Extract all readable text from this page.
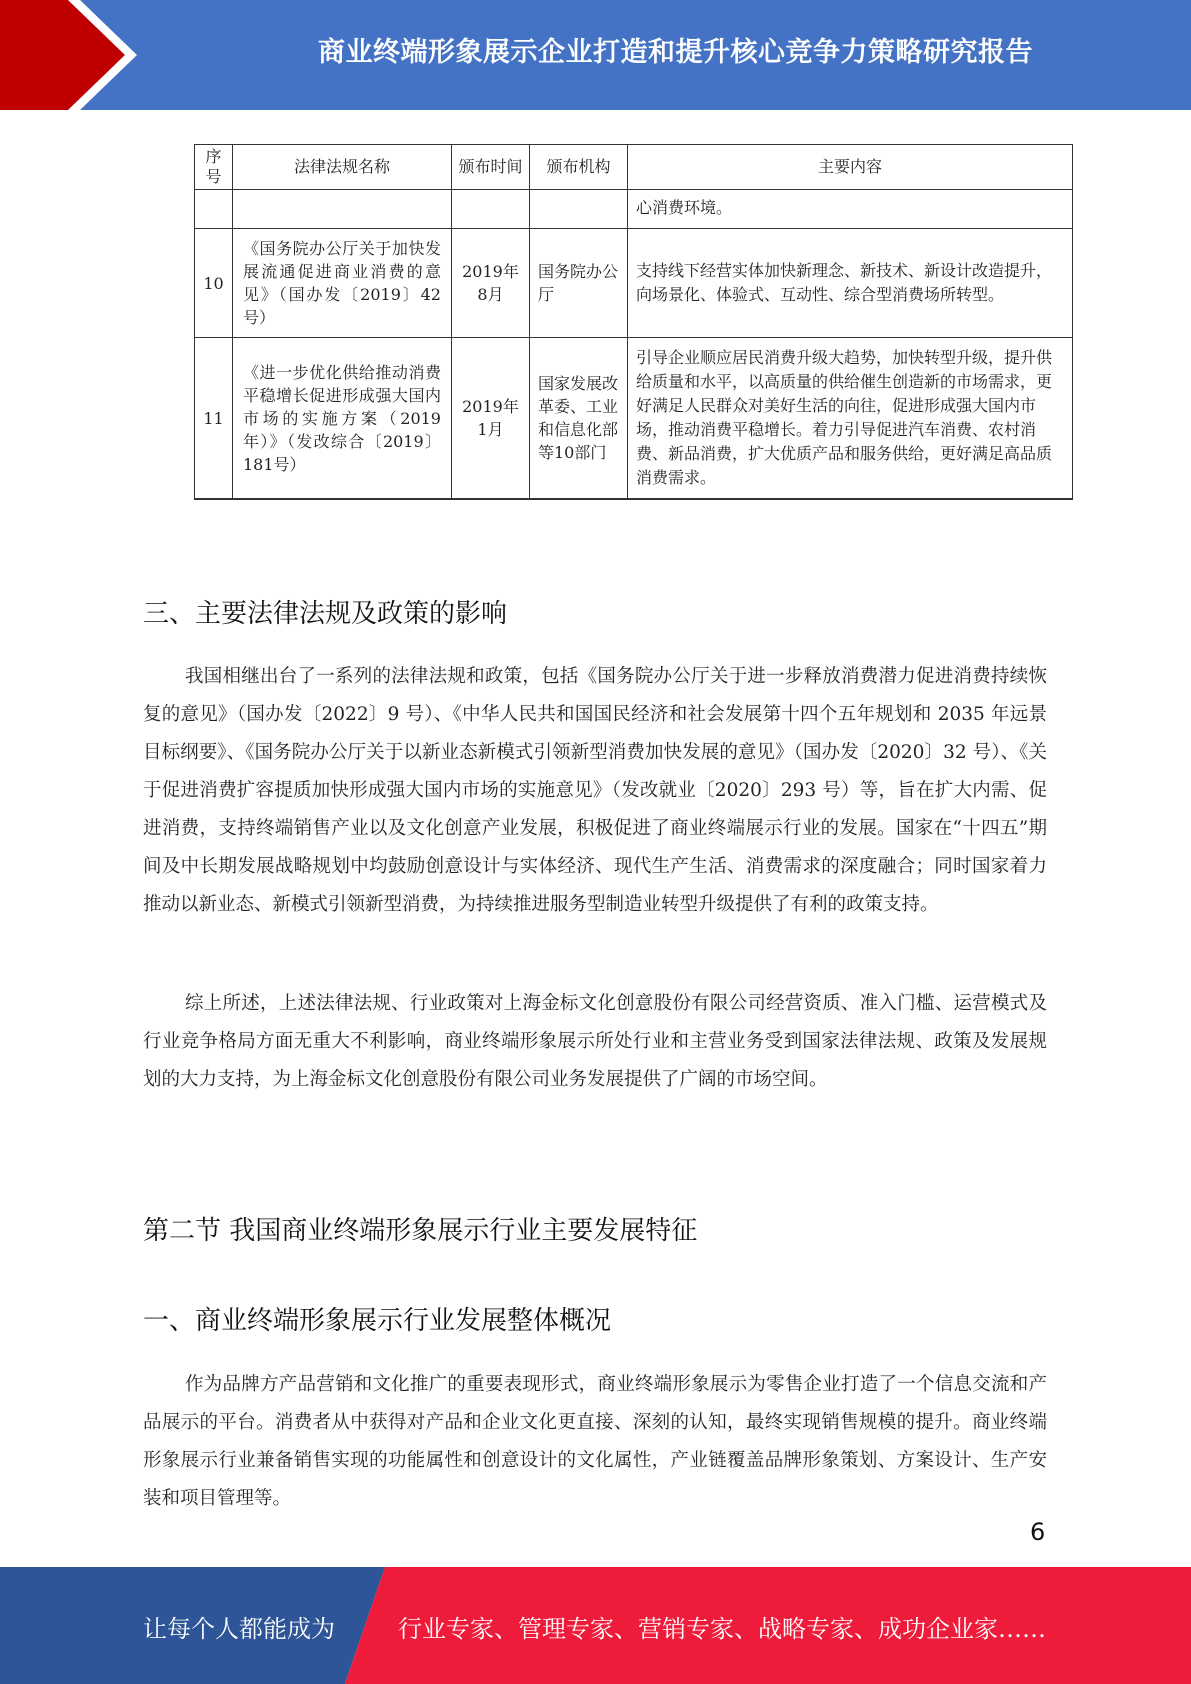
商业终端形象展示企业打造和提升核心竞争力策略研究报告
序号	法律法规名称	颁布时间	颁布机构	主要内容
				心消费环境。
10	《国务院办公厅关于加快发展流通促进商业消费的意见》（国办发〔2019〕42号）	2019年8月	国务院办公厅	支持线下经营实体加快新理念、新技术、新设计改造提升，向场景化、体验式、互动性、综合型消费场所转型。
11	《进一步优化供给推动消费平稳增长促进形成强大国内市场的实施方案（2019年）》（发改综合〔2019〕181号）	2019年1月	国家发展改革委、工业和信息化部等10部门	引导企业顺应居民消费升级大趋势，加快转型升级，提升供给质量和水平，以高质量的供给催生创造新的市场需求，更好满足人民群众对美好生活的向往，促进形成强大国内市场，推动消费平稳增长。着力引导促进汽车消费、农村消费、新品消费，扩大优质产品和服务供给，更好满足高品质消费需求。
三、主要法律法规及政策的影响

我国相继出台了一系列的法律法规和政策，包括《国务院办公厅关于进一步释放消费潜力促进消费持续恢复的意见》（国办发〔2022〕9 号）、《中华人民共和国国民经济和社会发展第十四个五年规划和 2035 年远景目标纲要》、《国务院办公厅关于以新业态新模式引领新型消费加快发展的意见》（国办发〔2020〕32 号）、《关于促进消费扩容提质加快形成强大国内市场的实施意见》（发改就业〔2020〕293 号）等，旨在扩大内需、促进消费，支持终端销售产业以及文化创意产业发展，积极促进了商业终端展示行业的发展。国家在“十四五”期间及中长期发展战略规划中均鼓励创意设计与实体经济、现代生产生活、消费需求的深度融合；同时国家着力推动以新业态、新模式引领新型消费，为持续推进服务型制造业转型升级提供了有利的政策支持。

综上所述，上述法律法规、行业政策对上海金标文化创意股份有限公司经营资质、准入门槛、运营模式及行业竞争格局方面无重大不利影响，商业终端形象展示所处行业和主营业务受到国家法律法规、政策及发展规划的大力支持，为上海金标文化创意股份有限公司业务发展提供了广阔的市场空间。

第二节 我国商业终端形象展示行业主要发展特征
一、商业终端形象展示行业发展整体概况

作为品牌方产品营销和文化推广的重要表现形式，商业终端形象展示为零售企业打造了一个信息交流和产品展示的平台。消费者从中获得对产品和企业文化更直接、深刻的认知，最终实现销售规模的提升。商业终端形象展示行业兼备销售实现的功能属性和创意设计的文化属性，产业链覆盖品牌形象策划、方案设计、生产安装和项目管理等。

6
让每个人都能成为	行业专家、管理专家、营销专家、战略专家、成功企业家……
